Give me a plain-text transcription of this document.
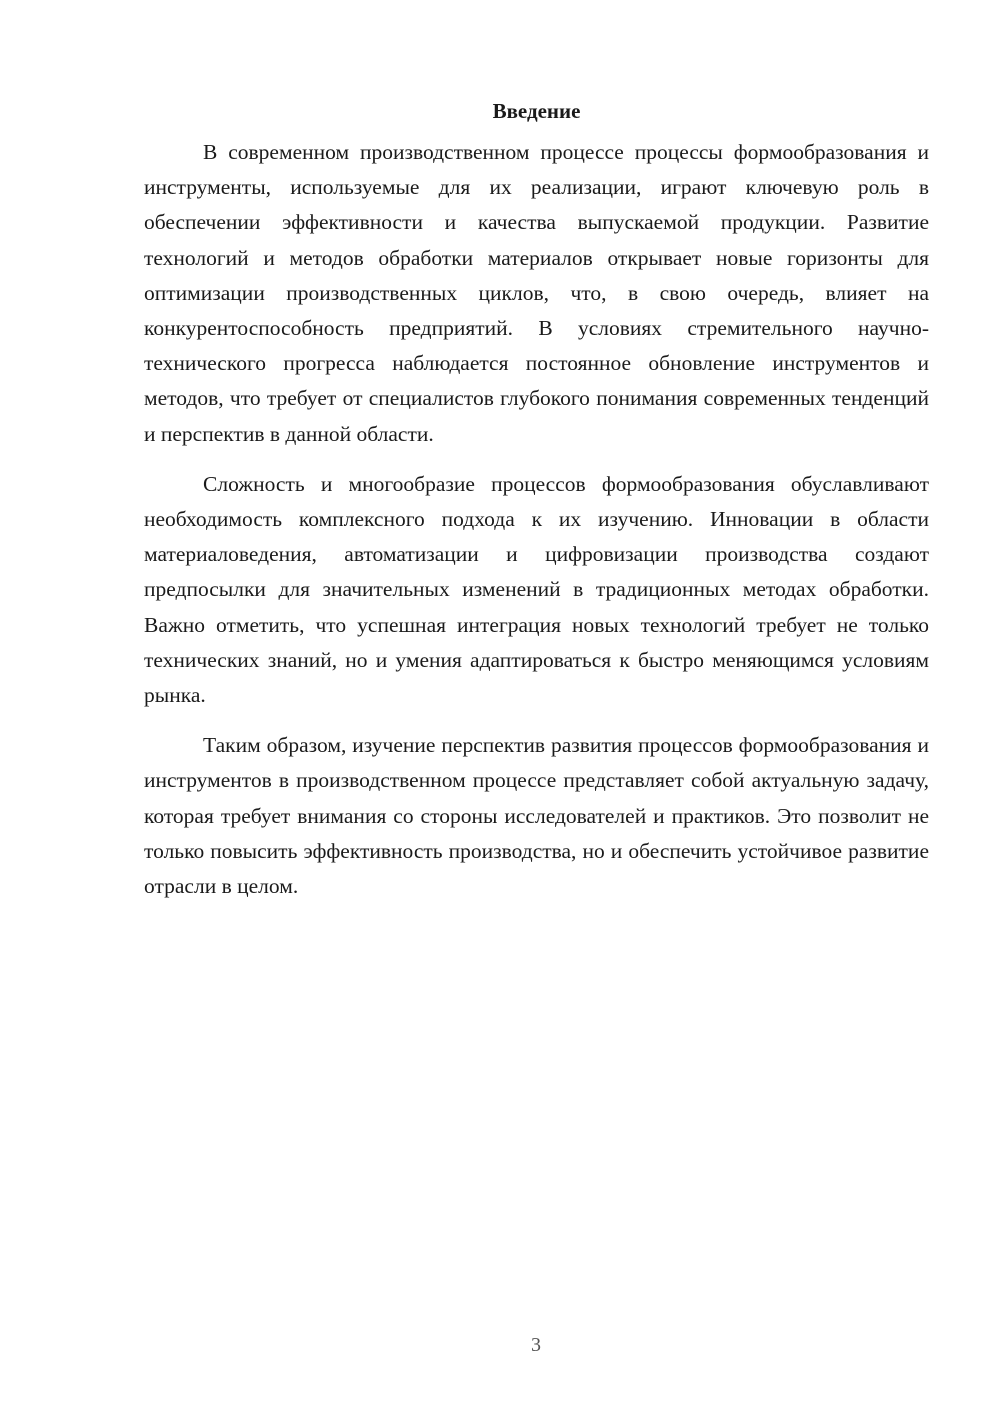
Введение

В современном производственном процессе процессы формообразования и инструменты, используемые для их реализации, играют ключевую роль в обеспечении эффективности и качества выпускаемой продукции. Развитие технологий и методов обработки материалов открывает новые горизонты для оптимизации производственных циклов, что, в свою очередь, влияет на конкурентоспособность предприятий. В условиях стремительного научно-технического прогресса наблюдается постоянное обновление инструментов и методов, что требует от специалистов глубокого понимания современных тенденций и перспектив в данной области.

Сложность и многообразие процессов формообразования обуславливают необходимость комплексного подхода к их изучению. Инновации в области материаловедения, автоматизации и цифровизации производства создают предпосылки для значительных изменений в традиционных методах обработки. Важно отметить, что успешная интеграция новых технологий требует не только технических знаний, но и умения адаптироваться к быстро меняющимся условиям рынка.

Таким образом, изучение перспектив развития процессов формообразования и инструментов в производственном процессе представляет собой актуальную задачу, которая требует внимания со стороны исследователей и практиков. Это позволит не только повысить эффективность производства, но и обеспечить устойчивое развитие отрасли в целом.

3
